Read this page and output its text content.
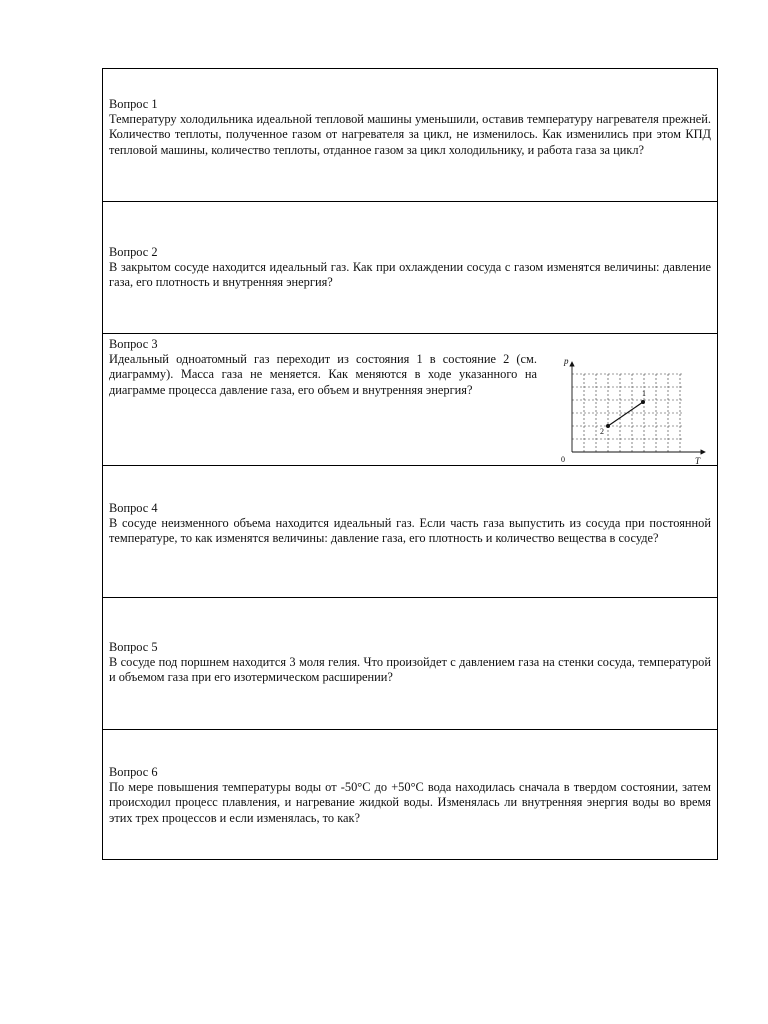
Вопрос 1
Температуру холодильника идеальной тепловой машины уменьшили, оставив температуру нагревателя прежней. Количество теплоты, полученное газом от нагревателя за цикл, не изменилось. Как изменились при этом КПД тепловой машины, количество теплоты, отданное газом за цикл холодильнику, и работа газа за цикл?
Вопрос 2
В закрытом сосуде находится идеальный газ. Как при охлаждении сосуда с газом изменятся величины: давление газа, его плотность и внутренняя энергия?
Вопрос 3
Идеальный одноатомный газ переходит из состояния 1 в состояние 2 (см. диаграмму). Масса газа не меняется. Как меняются в ходе указанного на диаграмме процесса давление газа, его объем и внутренняя энергия?
p
T
0
1
2
Вопрос 4
В сосуде неизменного объема находится идеальный газ. Если часть газа выпустить из сосуда при постоянной температуре, то как изменятся величины: давление газа, его плотность и количество вещества в сосуде?
Вопрос 5
В сосуде под поршнем находится 3 моля гелия. Что произойдет с давлением газа на стенки сосуда, температурой и объемом газа при его изотермическом расширении?
Вопрос 6
По мере повышения температуры воды от -50°С до +50°С вода находилась сначала в твердом состоянии, затем происходил процесс плавления, и нагревание жидкой воды. Изменялась ли внутренняя энергия воды во время этих трех процессов и если изменялась, то как?
